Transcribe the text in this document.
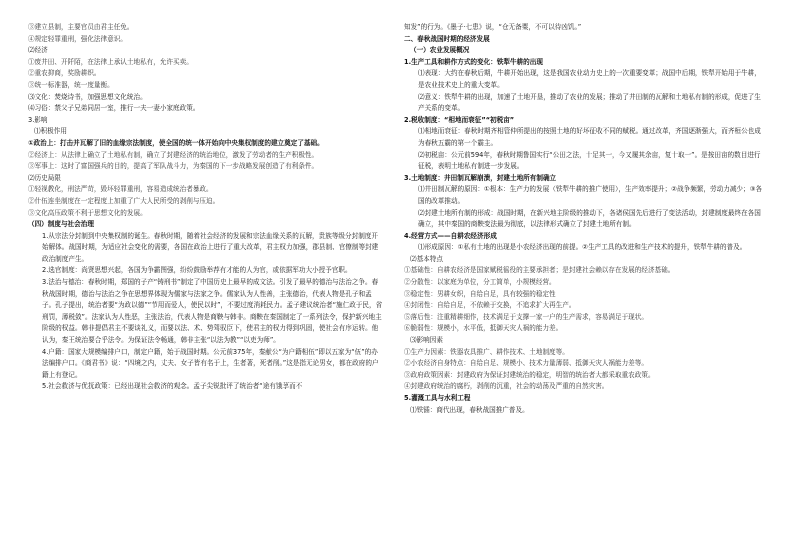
③建立县制，主要官员由君主任免。
④规定轻罪重刑，强化法律意识。
⑵经济
①废井田、开阡陌，在法律上承认土地私有，允许买卖。
②重农抑商，奖励耕织。
③统一标准器，统一度量衡。
⑶文化：焚烧诗书，加强思想文化统治。
⑷习俗：禁父子兄弟同居一室，推行一夫一妻小家庭政策。
3.影响
⑴积极作用
①政治上：打击并瓦解了旧的血缘宗法制度，使全国的统一体开始向中央集权制度的建立奠定了基础。
②经济上：从法律上确立了土地私有制，确立了封建经济的统治地位，激发了劳动者的生产积极性。
③军事上：这时了富国强兵的目的，提高了军队战斗力，为秦国的下一步战略发展创造了有利条件。
⑵历史局限
①轻视教化，刑法严苛，毁坏轻罪重刑，容易造成统治者暴政。
②什伍连坐制度在一定程度上加重了广大人民所受的剥削与压迫。
③文化高压政策不利于思想文化的发展。
（四）制度与社会治理
1.从宗法分封制到中央集权制的诞生。春秋时期，随着社会经济的发展和宗法血缘关系的瓦解，贵族等级分封制度开始解体。战国时期，为适应社会变化的需要，各国在政治上进行了重大改革，君主权力加强，郡县制、官僚制等封建政治制度产生。
2.选官制度：尚贤思想兴起，各国为争霸图强，纷纷鼓励举荐有才能的人为官，或依据军功大小授予官职。
3.法治与德治：春秋时期，郑国的子产“铸刑书”制定了中国历史上最早的成文法。引发了最早的德治与法治之争。春秋战国时期，德治与法治之争在思想界体现为儒家与法家之争。儒家认为人性善，主张德治，代表人物是孔子和孟子。孔子提出，统治者要“为政以德”“节用而爱人，使民以时”，不要过度消耗民力。孟子建议统治者“施仁政于民，省刑罚，薄税敛”。法家认为人性恶，主张法治，代表人物是商鞅与韩非。商鞅在秦国制定了一系列法令，保护新兴地主阶级的权益。韩非提倡君主不要谈礼义，而要以法、术、势驾驭臣下，使君主的权力得到巩固，使社会有序运转。他认为，秦王统治要合乎法令。为保证法令畅通，韩非主张“以法为教”“以吏为师”。
4.户籍：国家大规模编排户口，制定户籍，始于战国时期。公元前375年，秦献公“为户籍相伍”即以五家为“伍”的办法编排户口。《商君书》说：“四境之内，丈夫、女子皆有名于上，生者著，死者削。”这是指无论男女，都在政府的户籍上有登记。
5.社会救济与优抚政策：已经出现社会救济的观念。孟子尖锐批评了统治者“途有饿莩而不
知发”的行为。《墨子·七患》说，“仓无备粟，不可以待凶饥。”
二、春秋战国时期的经济发展
（一）农业发展概况
1.生产工具和耕作方式的变化：铁犁牛耕的出现
⑴表现：大约在春秋后期，牛耕开始出现，这是我国农业动力史上的一次重要变革；战国中后期，铁犁开始用于牛耕，是农业技术史上的重大变革。
⑵意义：铁犁牛耕的出现，加速了土地开垦，推动了农业的发展；推动了井田制的瓦解和土地私有制的形成，促进了生产关系的变革。
2.税收制度：“相地而衰征”“初税亩”
⑴相地而衰征：春秋时期齐相管仲所提出的按照土地的好坏征收不同的赋税。通过改革，齐国逐渐强大，而齐桓公也成为春秋五霸的第一个霸主。
⑵初税亩：公元前594年，春秋时期鲁国实行“公田之法，十足其一，今又履其余亩，复十取一”。是按田亩的数目进行征税，表明土地私有制进一步发展。
3.土地制度：井田制瓦解崩溃，封建土地所有制确立
⑴井田制瓦解的原因：①根本：生产力的发展（铁犁牛耕的推广使用），生产效率提升；②战争频繁，劳动力减少；③各国的改革推动。
⑵封建土地所有制的形成：战国时期，在新兴地主阶级的推动下，各诸侯国先后进行了变法活动，封建制度最终在各国确立，其中秦国的商鞅变法最为彻底，以法律形式确立了封建土地所有制。
4.经营方式——自耕农经济形成
⑴形成原因：①私有土地的出现是小农经济出现的前提。②生产工具的改进和生产技术的提升，铁犁牛耕的普及。
⑵基本特点
①基础性：自耕农经济是国家赋税徭役的主要承担者；是封建社会赖以存在发展的经济基础。
②分散性：以家庭为单位，分工简单，小规模经营。
③稳定性：男耕女织，自给自足，具有较强的稳定性
④封闭性：自给自足，不依赖于交换，不追求扩大再生产。
⑤落后性：注重精耕细作，技术满足于支撑一家一户的生产需求，容易满足于现状。
⑥脆弱性：规模小，水平低，抵御天灾人祸的能力差。
⑶影响因素
①生产力因素：铁器农具推广、耕作技术、土地制度等。
②小农经济自身特点：自给自足、规模小、技术力量薄弱、抵御天灾人祸能力差等。
③政府政策因素：封建政府为保证封建统治的稳定，明智的统治者大都采取重农政策。
④封建政府统治的腐朽，剥削的沉重，社会的动荡及严重的自然灾害。
5.灌溉工具与水利工程
⑴铁锸：商代出现，春秋战国推广普及。
